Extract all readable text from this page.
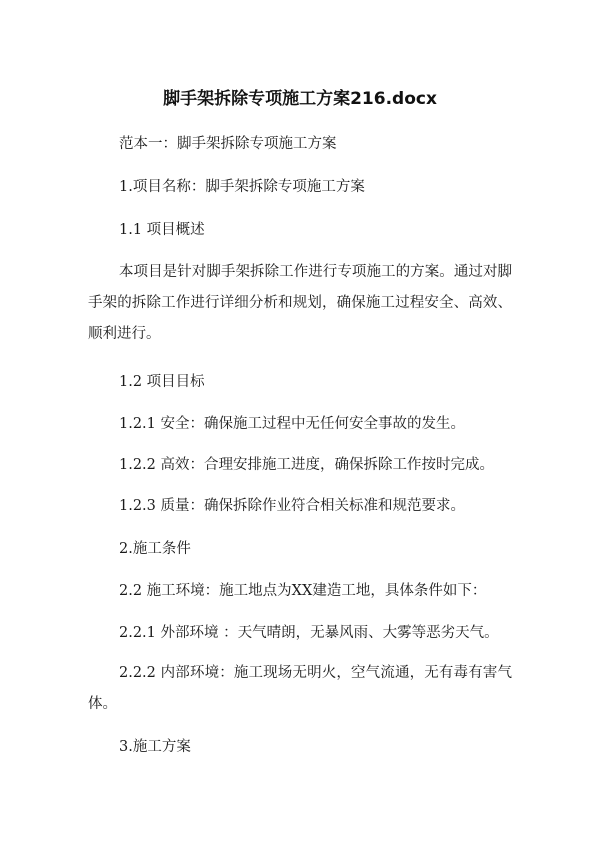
脚手架拆除专项施工方案216.docx
范本一：脚手架拆除专项施工方案
1.项目名称：脚手架拆除专项施工方案
1.1 项目概述
本项目是针对脚手架拆除工作进行专项施工的方案。通过对脚手架的拆除工作进行详细分析和规划，确保施工过程安全、高效、顺利进行。
1.2 项目目标
1.2.1 安全：确保施工过程中无任何安全事故的发生。
1.2.2 高效：合理安排施工进度，确保拆除工作按时完成。
1.2.3 质量：确保拆除作业符合相关标准和规范要求。
2.施工条件
2.2 施工环境：施工地点为XX建造工地，具体条件如下：
2.2.1 外部环境 ：天气晴朗，无暴风雨、大雾等恶劣天气。
2.2.2 内部环境：施工现场无明火，空气流通，无有毒有害气体。
3.施工方案
